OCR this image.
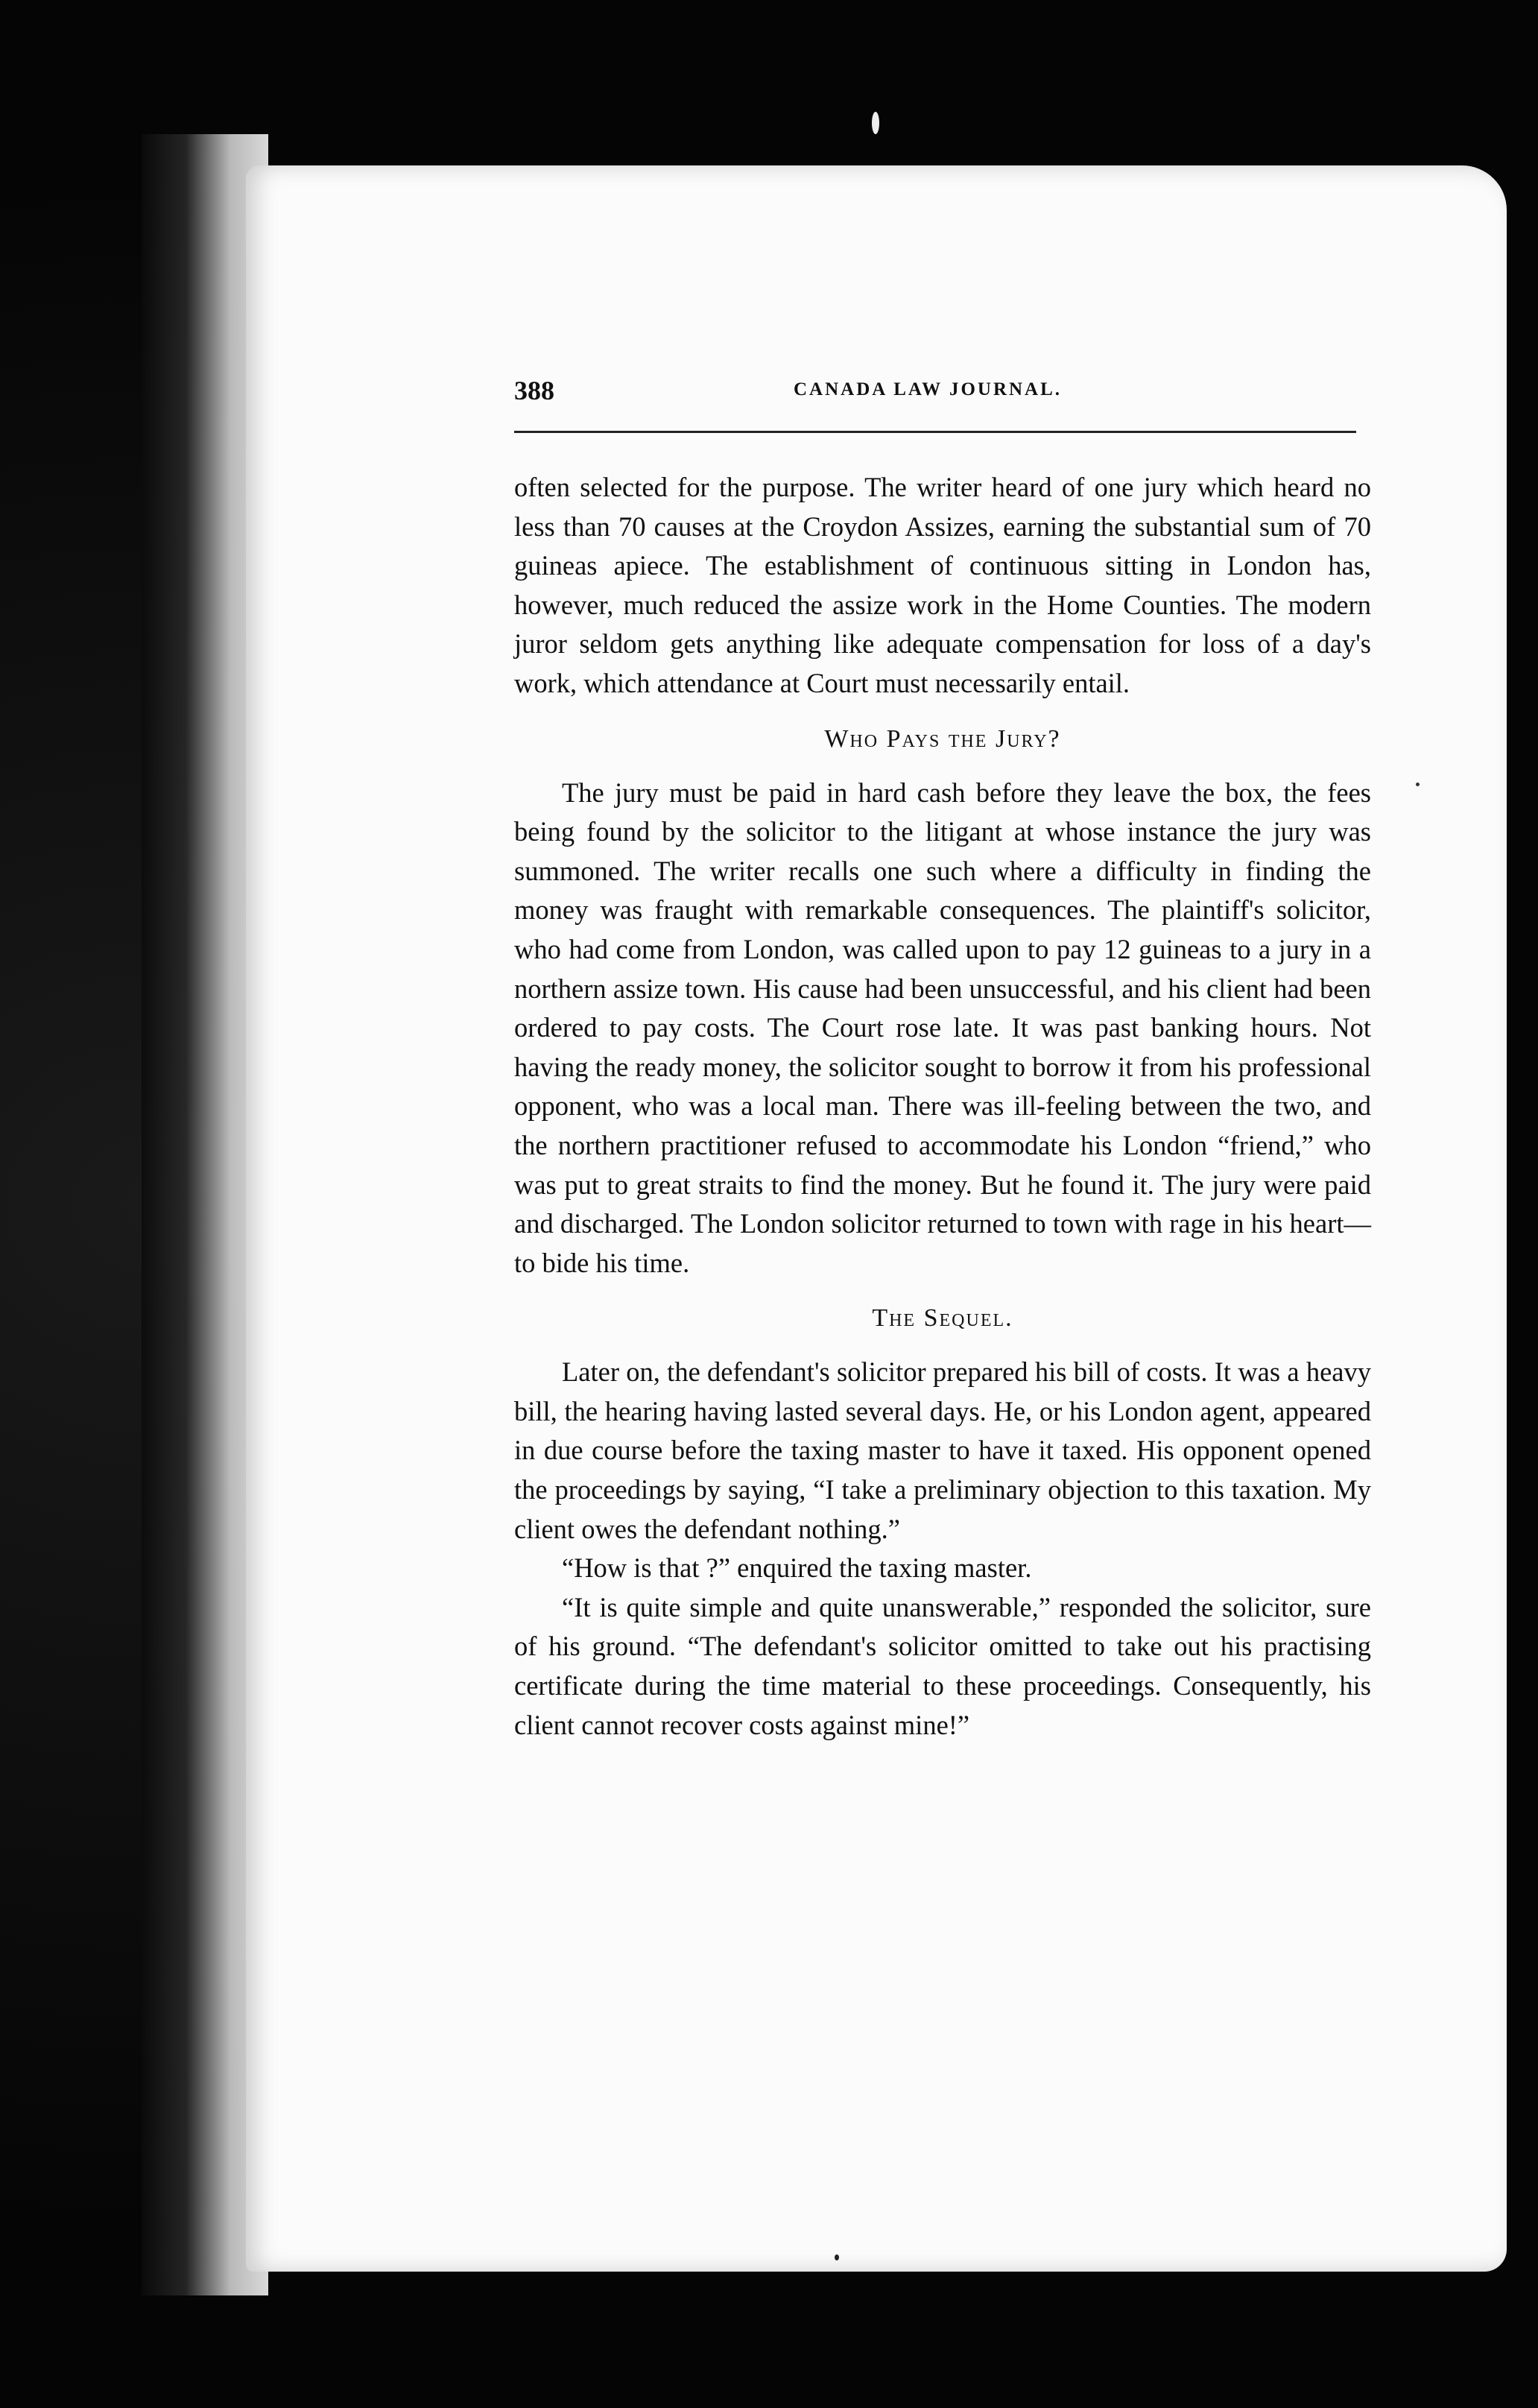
388	CANADA LAW JOURNAL.

often selected for the purpose. The writer heard of one jury which heard no less than 70 causes at the Croydon Assizes, earning the substantial sum of 70 guineas apiece. The establishment of continuous sitting in London has, however, much reduced the assize work in the Home Counties. The modern juror seldom gets anything like adequate compensation for loss of a day's work, which attendance at Court must necessarily entail.

Who Pays the Jury?

The jury must be paid in hard cash before they leave the box, the fees being found by the solicitor to the litigant at whose instance the jury was summoned. The writer recalls one such where a difficulty in finding the money was fraught with remarkable consequences. The plaintiff's solicitor, who had come from London, was called upon to pay 12 guineas to a jury in a northern assize town. His cause had been unsuccessful, and his client had been ordered to pay costs. The Court rose late. It was past banking hours. Not having the ready money, the solicitor sought to borrow it from his professional opponent, who was a local man. There was ill-feeling between the two, and the northern practitioner refused to accommodate his London “friend,” who was put to great straits to find the money. But he found it. The jury were paid and discharged. The London solicitor returned to town with rage in his heart—to bide his time.

The Sequel.

Later on, the defendant's solicitor prepared his bill of costs. It was a heavy bill, the hearing having lasted several days. He, or his London agent, appeared in due course before the taxing master to have it taxed. His opponent opened the proceedings by saying, “I take a preliminary objection to this taxation. My client owes the defendant nothing.”

“How is that ?” enquired the taxing master.

“It is quite simple and quite unanswerable,” responded the solicitor, sure of his ground. “The defendant's solicitor omitted to take out his practising certificate during the time material to these proceedings. Consequently, his client cannot recover costs against mine!”
